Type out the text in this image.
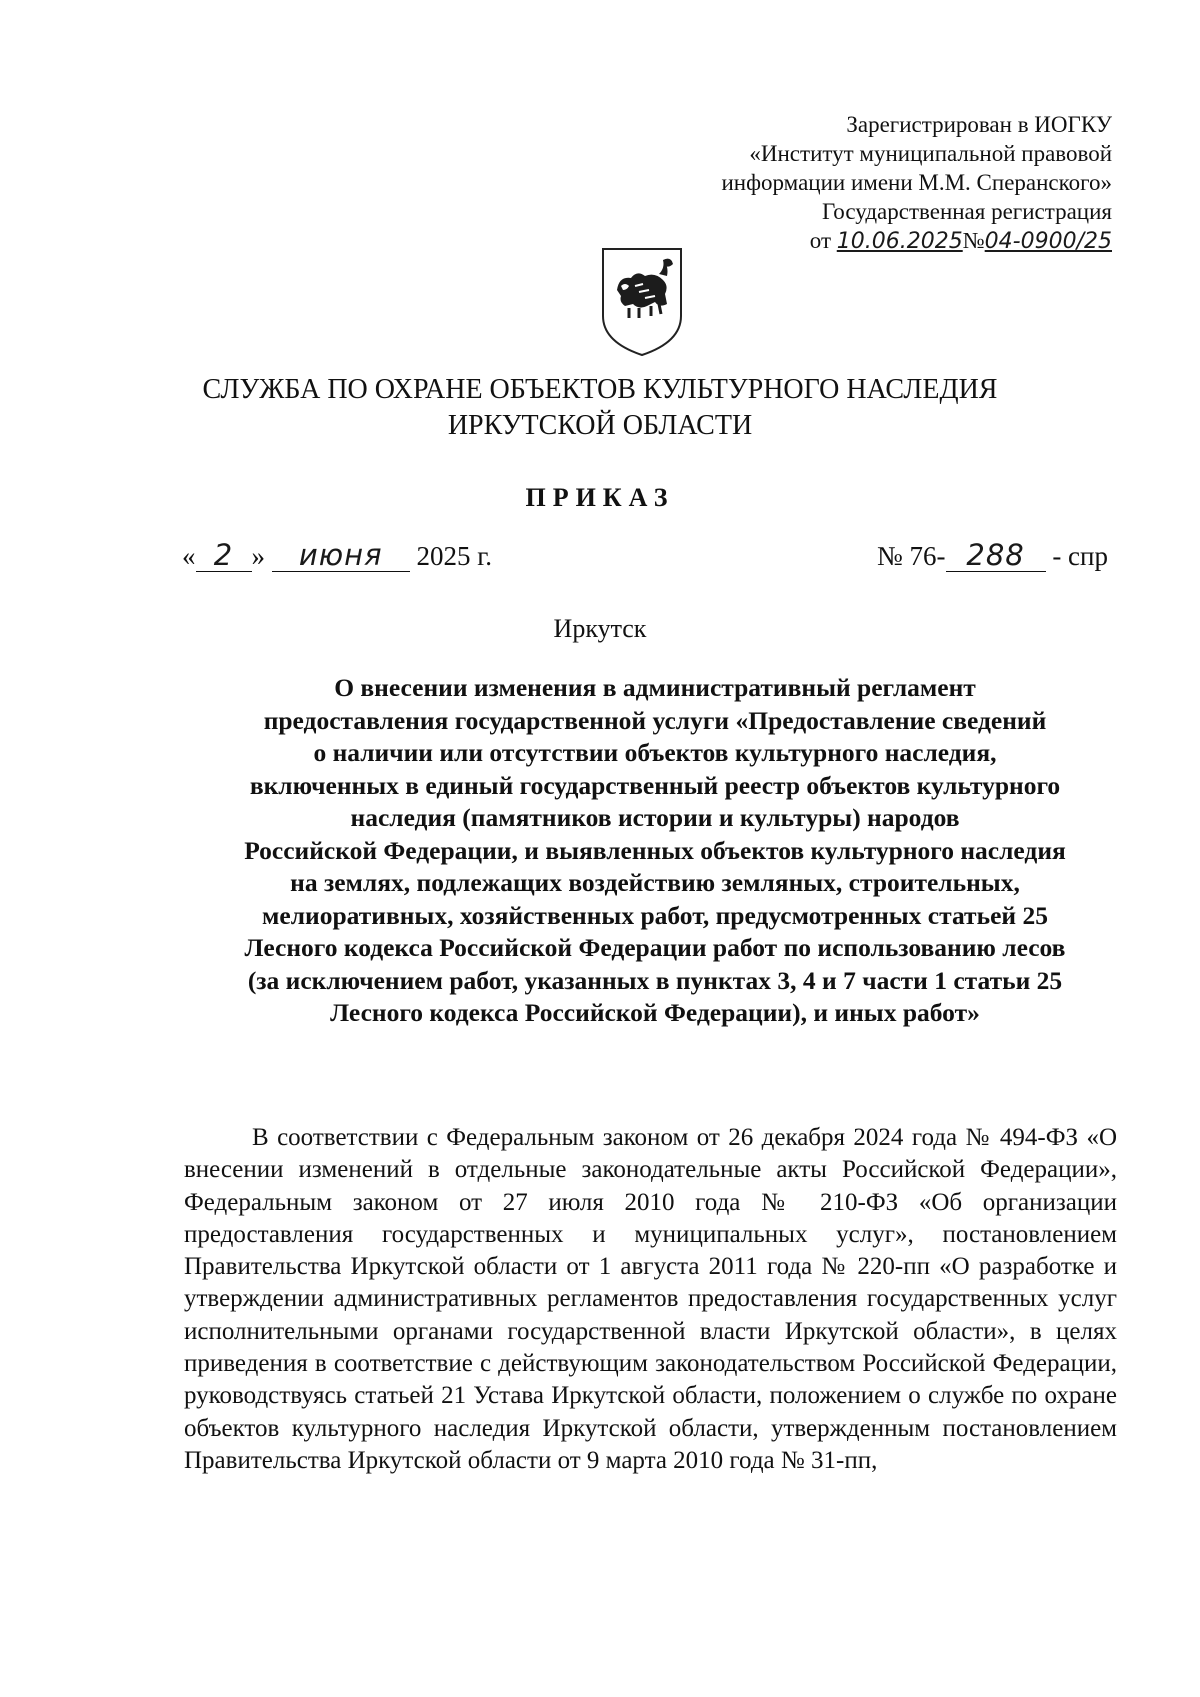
Зарегистрирован в ИОГКУ
«Институт муниципальной правовой
информации имени М.М. Сперанского»
Государственная регистрация
от 10.06.2025№04-0900/25
СЛУЖБА ПО ОХРАНЕ ОБЪЕКТОВ КУЛЬТУРНОГО НАСЛЕДИЯ
ИРКУТСКОЙ ОБЛАСТИ
ПРИКАЗ
« 2 » июня 2025 г.	№ 76- 288 - спр
Иркутск
О внесении изменения в административный регламент
предоставления государственной услуги «Предоставление сведений
о наличии или отсутствии объектов культурного наследия,
включенных в единый государственный реестр объектов культурного
наследия (памятников истории и культуры) народов
Российской Федерации, и выявленных объектов культурного наследия
на землях, подлежащих воздействию земляных, строительных,
мелиоративных, хозяйственных работ, предусмотренных статьей 25
Лесного кодекса Российской Федерации работ по использованию лесов
(за исключением работ, указанных в пунктах 3, 4 и 7 части 1 статьи 25
Лесного кодекса Российской Федерации), и иных работ»

В соответствии с Федеральным законом от 26 декабря 2024 года № 494-ФЗ «О внесении изменений в отдельные законодательные акты Российской Федерации», Федеральным законом от 27 июля 2010 года № 210-ФЗ «Об организации предоставления государственных и муниципальных услуг», постановлением Правительства Иркутской области от 1 августа 2011 года № 220-пп «О разработке и утверждении административных регламентов предоставления государственных услуг исполнительными органами государственной власти Иркутской области», в целях приведения в соответствие с действующим законодательством Российской Федерации, руководствуясь статьей 21 Устава Иркутской области, положением о службе по охране объектов культурного наследия Иркутской области, утвержденным постановлением Правительства Иркутской области от 9 марта 2010 года № 31-пп,
